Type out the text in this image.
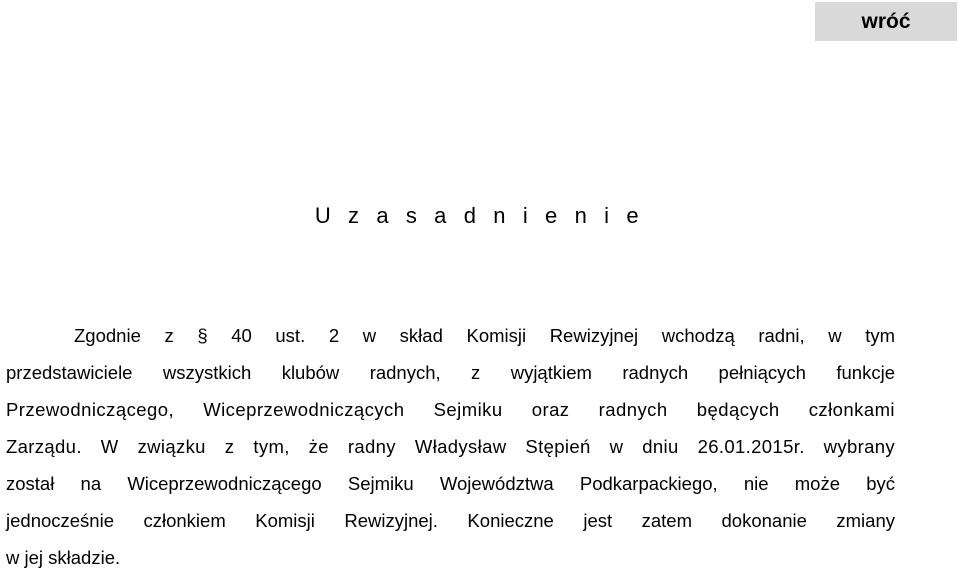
wróć
U z a s a d n i e n i e

Zgodnie z § 40 ust. 2 w skład Komisji Rewizyjnej wchodzą radni, w tym

przedstawiciele wszystkich klubów radnych, z wyjątkiem radnych pełniących funkcje

Przewodniczącego, Wiceprzewodniczących Sejmiku oraz radnych będących członkami

Zarządu. W związku z tym, że radny Władysław Stępień w dniu 26.01.2015r. wybrany

został na Wiceprzewodniczącego Sejmiku Województwa Podkarpackiego, nie może być

jednocześnie członkiem Komisji Rewizyjnej. Konieczne jest zatem dokonanie zmiany

w jej składzie.
